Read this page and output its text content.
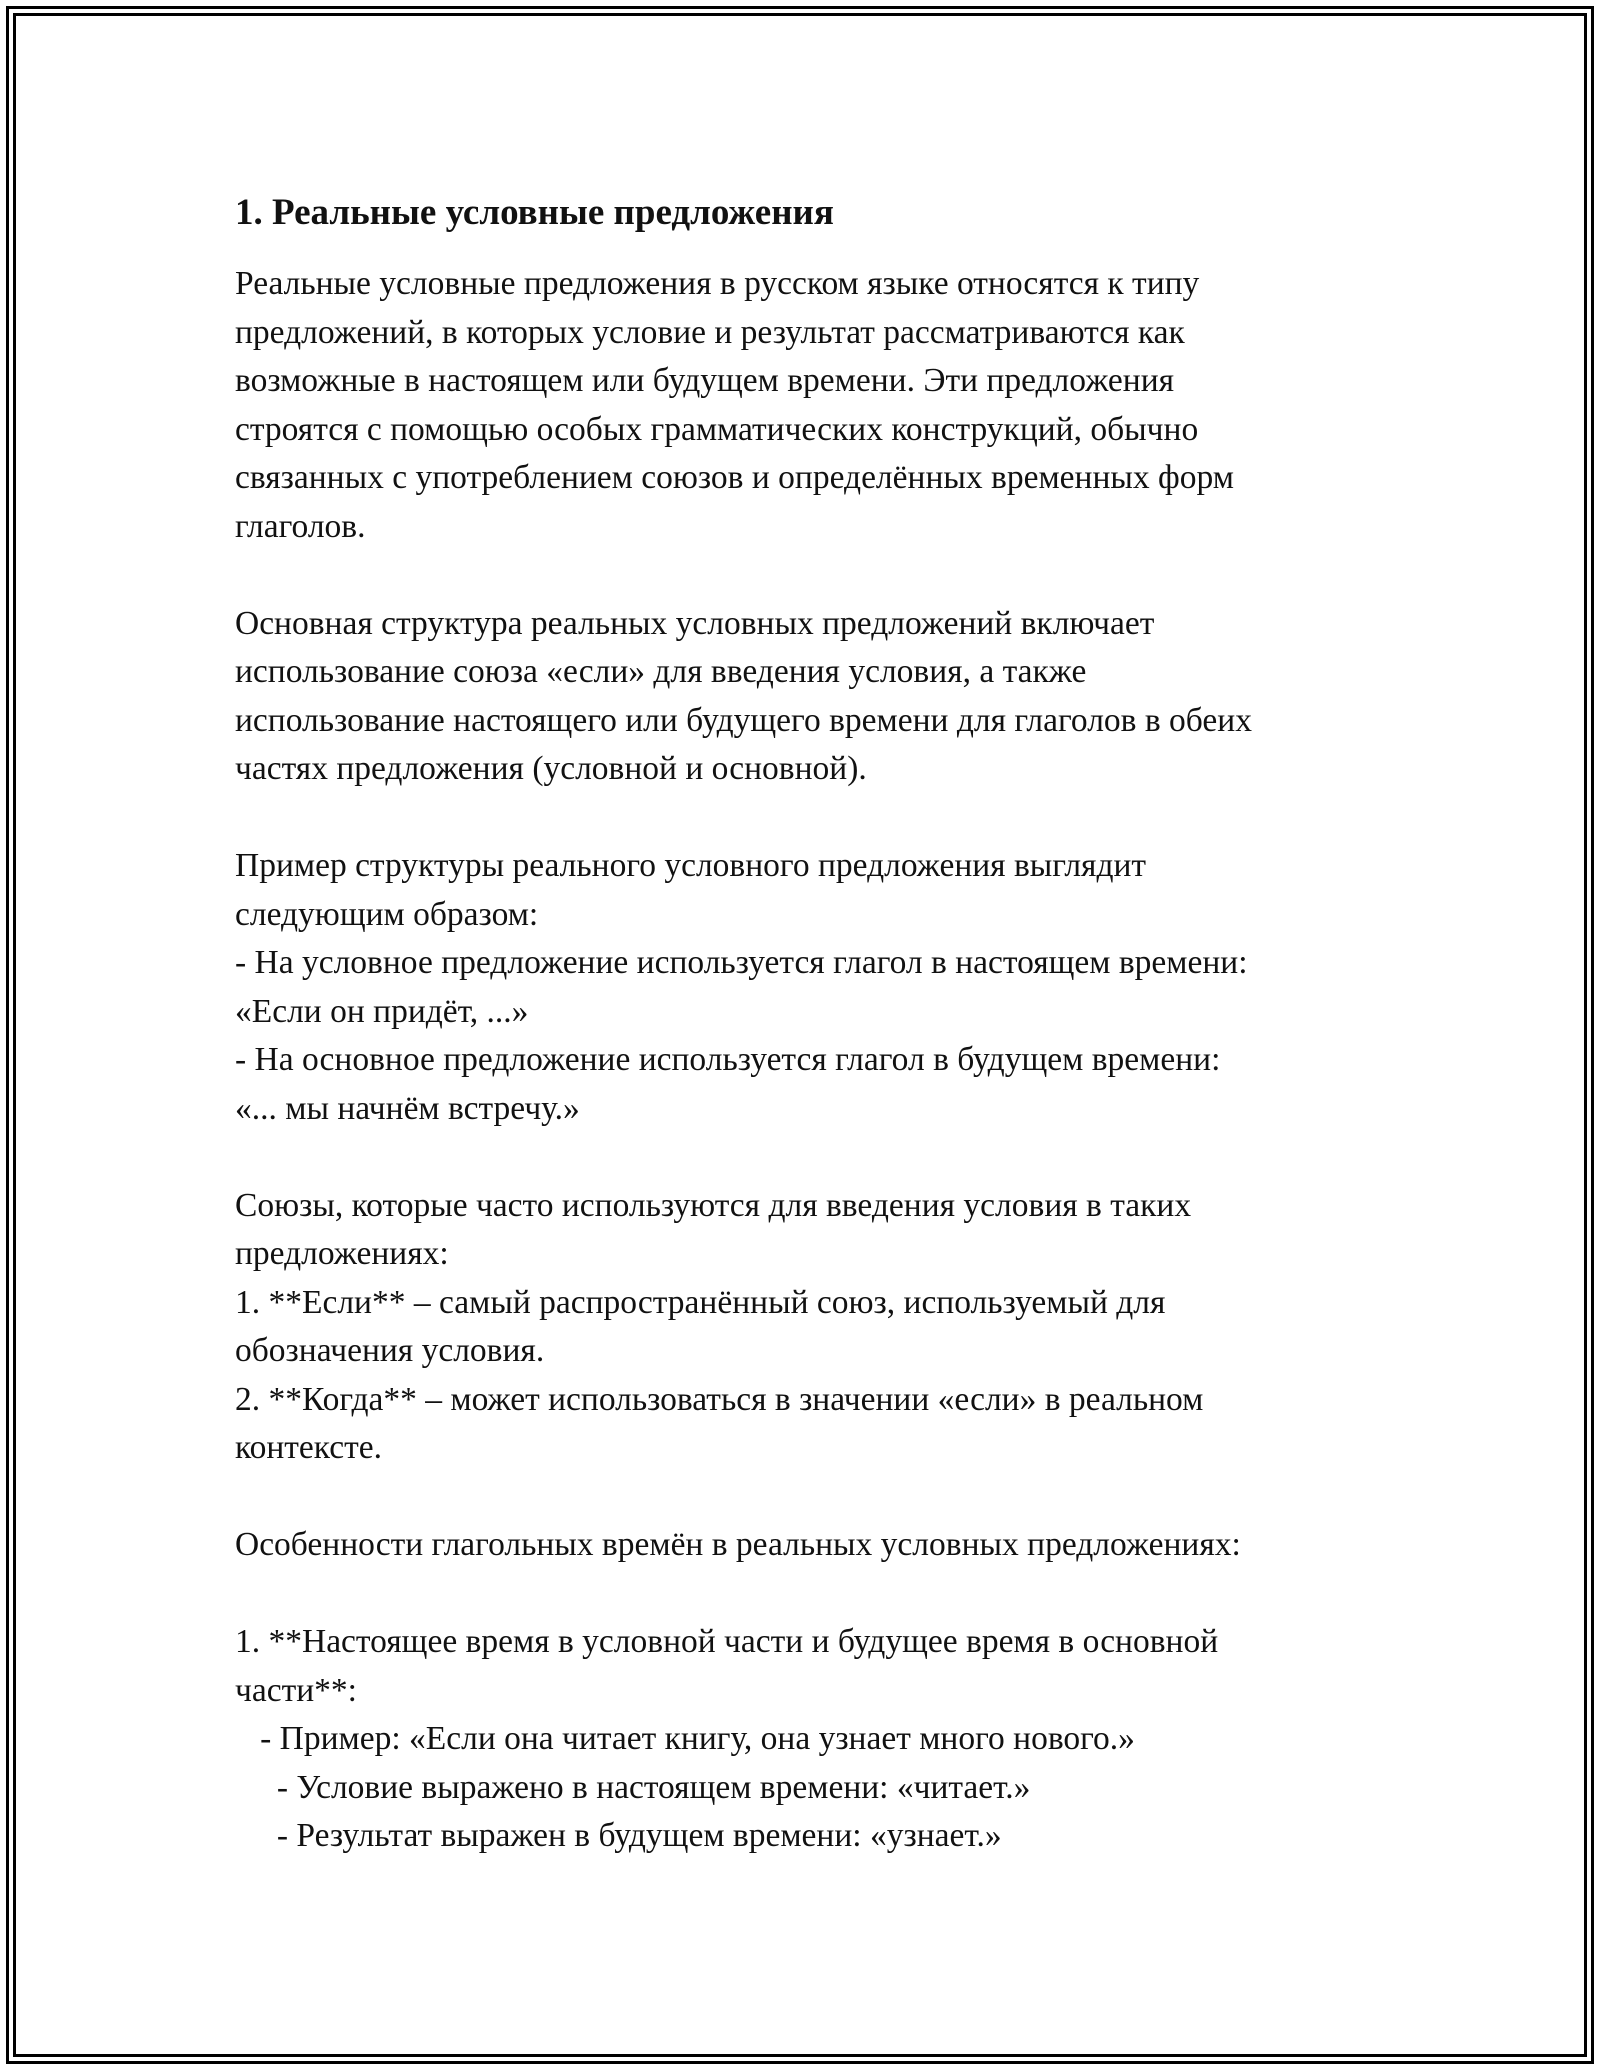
1. Реальные условные предложения
Реальные условные предложения в русском языке относятся к типу
предложений, в которых условие и результат рассматриваются как
возможные в настоящем или будущем времени. Эти предложения
строятся с помощью особых грамматических конструкций, обычно
связанных с употреблением союзов и определённых временных форм
глаголов.
Основная структура реальных условных предложений включает
использование союза «если» для введения условия, а также
использование настоящего или будущего времени для глаголов в обеих
частях предложения (условной и основной).
Пример структуры реального условного предложения выглядит
следующим образом:
- На условное предложение используется глагол в настоящем времени:
«Если он придёт, ...»
- На основное предложение используется глагол в будущем времени:
«... мы начнём встречу.»
Союзы, которые часто используются для введения условия в таких
предложениях:
1. **Если** – самый распространённый союз, используемый для
обозначения условия.
2. **Когда** – может использоваться в значении «если» в реальном
контексте.
Особенности глагольных времён в реальных условных предложениях:
1. **Настоящее время в условной части и будущее время в основной
части**:
- Пример: «Если она читает книгу, она узнает много нового.»
- Условие выражено в настоящем времени: «читает.»
- Результат выражен в будущем времени: «узнает.»
